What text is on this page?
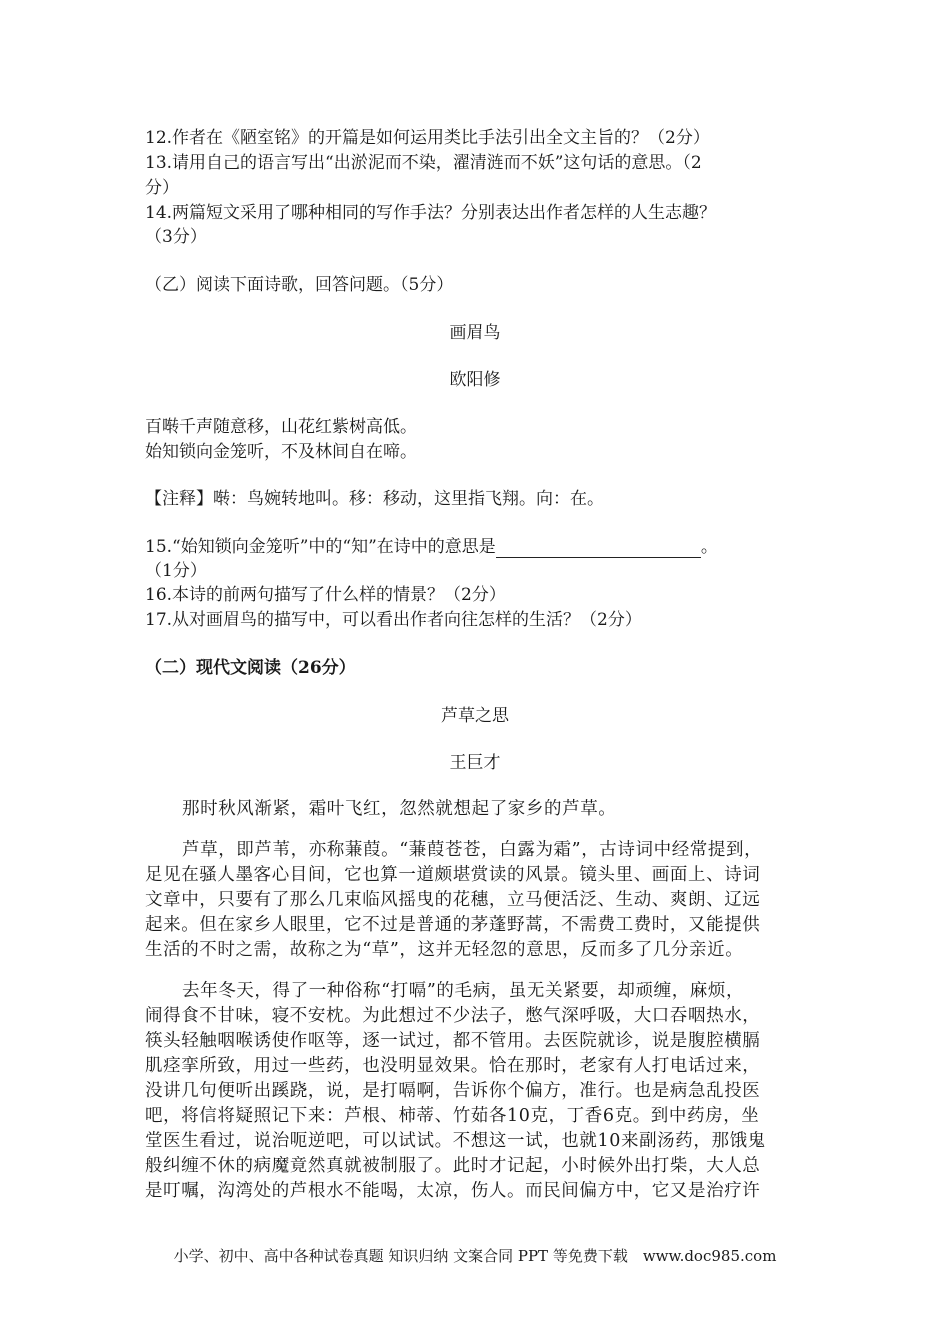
12.作者在《陋室铭》的开篇是如何运用类比手法引出全文主旨的？（2分）
13.请用自己的语言写出“出淤泥而不染，濯清涟而不妖”这句话的意思。（2
分）
14.两篇短文采用了哪种相同的写作手法？分别表达出作者怎样的人生志趣？
（3分）
（乙）阅读下面诗歌，回答问题。（5分）
画眉鸟
欧阳修
百啭千声随意移，山花红紫树高低。
始知锁向金笼听，不及林间自在啼。
【注释】啭：鸟婉转地叫。移：移动，这里指飞翔。向：在。
15.“始知锁向金笼听”中的“知”在诗中的意思是	。
（1分）
16.本诗的前两句描写了什么样的情景？（2分）
17.从对画眉鸟的描写中，可以看出作者向往怎样的生活？（2分）
（二）现代文阅读（26分）
芦草之思
王巨才
那时秋风渐紧，霜叶飞红，忽然就想起了家乡的芦草。
芦草，即芦苇，亦称蒹葭。“蒹葭苍苍，白露为霜”，古诗词中经常提到，
足见在骚人墨客心目间，它也算一道颇堪赏读的风景。镜头里、画面上、诗词
文章中，只要有了那么几束临风摇曳的花穗，立马便活泛、生动、爽朗、辽远
起来。但在家乡人眼里，它不过是普通的茅蓬野蒿，不需费工费时，又能提供
生活的不时之需，故称之为“草”，这并无轻忽的意思，反而多了几分亲近。
去年冬天，得了一种俗称“打嗝”的毛病，虽无关紧要，却顽缠，麻烦，
闹得食不甘味，寝不安枕。为此想过不少法子，憋气深呼吸，大口吞咽热水，
筷头轻触咽喉诱使作呕等，逐一试过，都不管用。去医院就诊，说是腹腔横膈
肌痉挛所致，用过一些药，也没明显效果。恰在那时，老家有人打电话过来，
没讲几句便听出蹊跷，说，是打嗝啊，告诉你个偏方，准行。也是病急乱投医
吧，将信将疑照记下来：芦根、柿蒂、竹茹各10克，丁香6克。到中药房，坐
堂医生看过，说治呃逆吧，可以试试。不想这一试，也就10来副汤药，那饿鬼
般纠缠不休的病魔竟然真就被制服了。此时才记起，小时候外出打柴，大人总
是叮嘱，沟湾处的芦根水不能喝，太凉，伤人。而民间偏方中，它又是治疗许
小学、初中、高中各种试卷真题 知识归纳 文案合同 PPT 等免费下载　www.doc985.com
